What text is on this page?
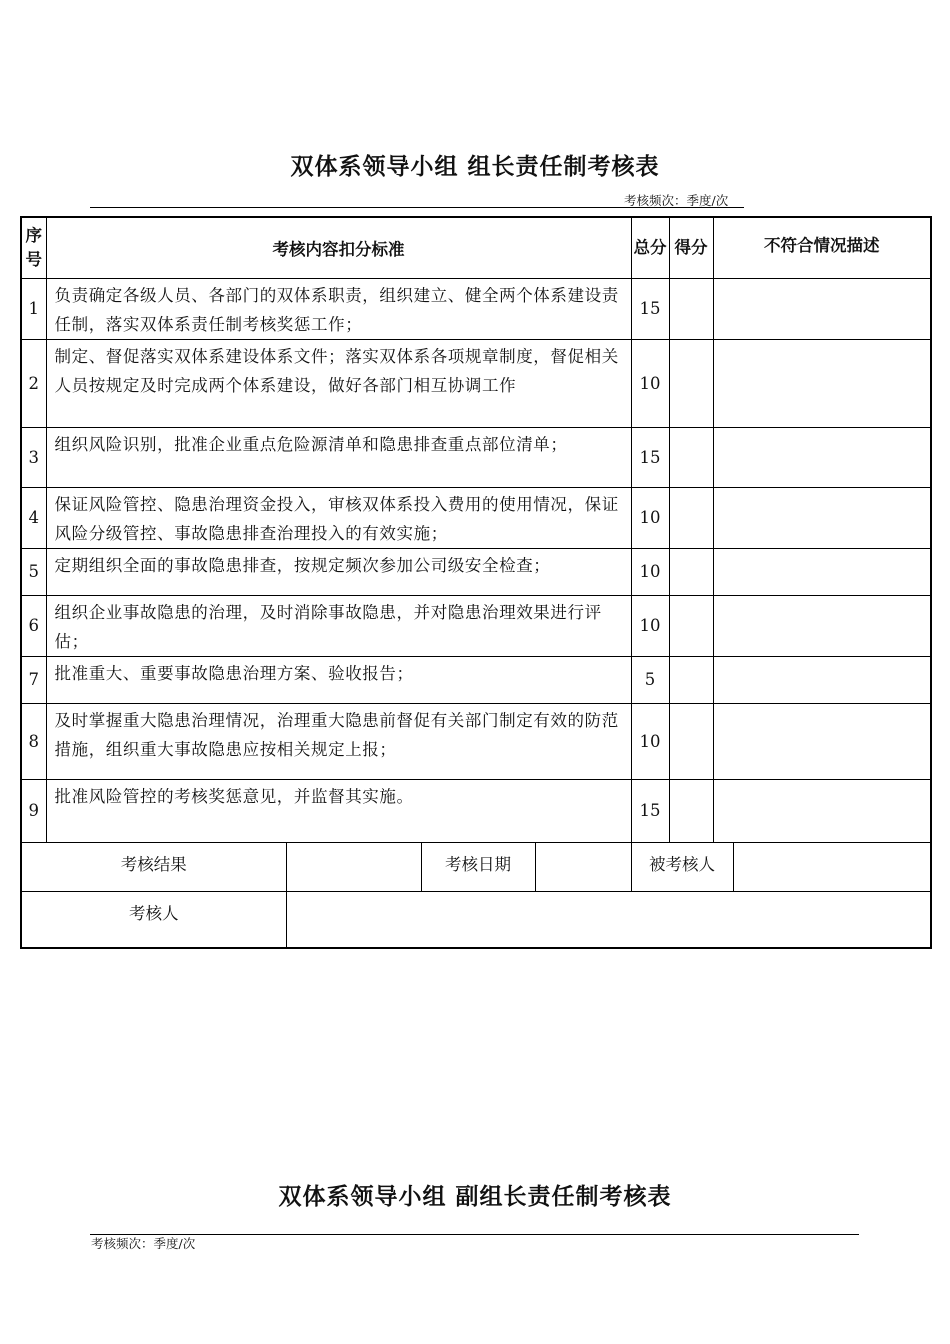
双体系领导小组 组长责任制考核表
考核频次：季度/次
序号	考核内容扣分标准				总分	得分	不符合情况描述	
1	负责确定各级人员、各部门的双体系职责，组织建立、健全两个体系建设责任制，落实双体系责任制考核奖惩工作；				15			
2	制定、督促落实双体系建设体系文件；落实双体系各项规章制度，督促相关人员按规定及时完成两个体系建设，做好各部门相互协调工作				10			
3	组织风险识别，批准企业重点危险源清单和隐患排查重点部位清单；				15			
4	保证风险管控、隐患治理资金投入，审核双体系投入费用的使用情况，保证风险分级管控、事故隐患排查治理投入的有效实施；				10			
5	定期组织全面的事故隐患排查，按规定频次参加公司级安全检查；				10			
6	组织企业事故隐患的治理，及时消除事故隐患，并对隐患治理效果进行评估；				10			
7	批准重大、重要事故隐患治理方案、验收报告；				5			
8	及时掌握重大隐患治理情况，治理重大隐患前督促有关部门制定有效的防范措施，组织重大事故隐患应按相关规定上报；				10			
9	批准风险管控的考核奖惩意见，并监督其实施。				15			
考核结果			考核日期		被考核人			
考核人								
双体系领导小组 副组长责任制考核表
考核频次：季度/次
